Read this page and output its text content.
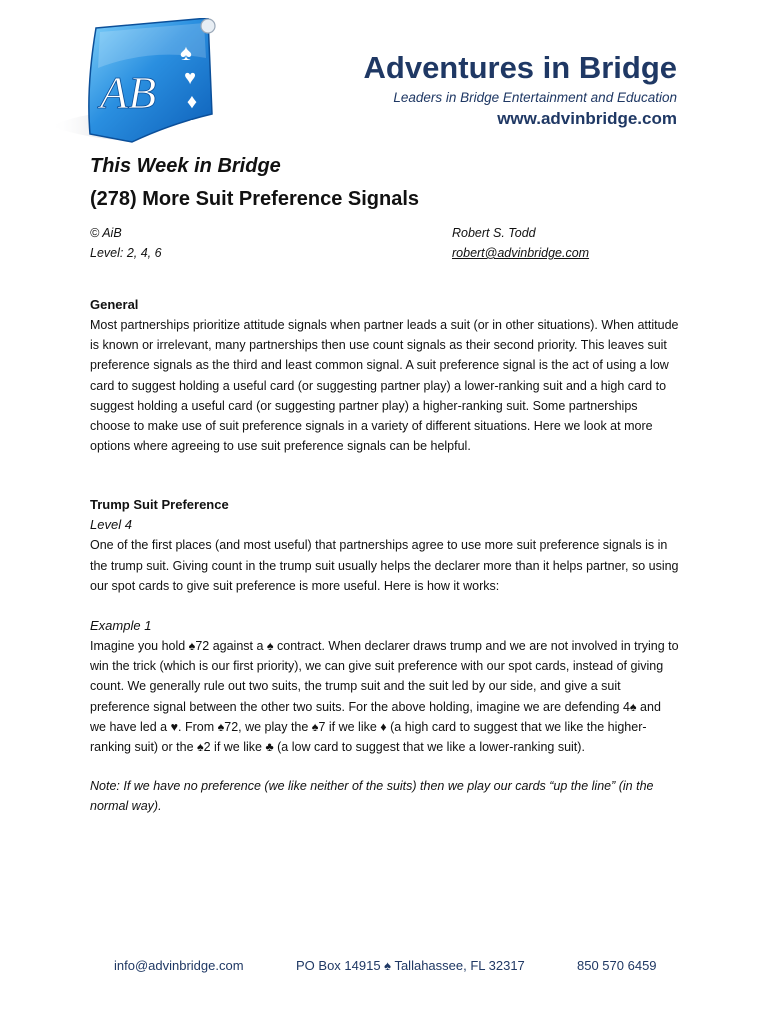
AB
♠
♥
♦
♣
Adventures in Bridge
Leaders in Bridge Entertainment and Education
www.advinbridge.com
This Week in Bridge
(278) More Suit Preference Signals
© AiB
Level: 2, 4, 6
Robert S. Todd
robert@advinbridge.com
General

Most partnerships prioritize attitude signals when partner leads a suit (or in other situations). When attitude is known or irrelevant, many partnerships then use count signals as their second priority. This leaves suit preference signals as the third and least common signal. A suit preference signal is the act of using a low card to suggest holding a useful card (or suggesting partner play) a lower-ranking suit and a high card to suggest holding a useful card (or suggesting partner play) a higher-ranking suit. Some partnerships choose to make use of suit preference signals in a variety of different situations. Here we look at more options where agreeing to use suit preference signals can be helpful.

Trump Suit Preference
Level 4

One of the first places (and most useful) that partnerships agree to use more suit preference signals is in the trump suit. Giving count in the trump suit usually helps the declarer more than it helps partner, so using our spot cards to give suit preference is more useful. Here is how it works:

Example 1

Imagine you hold ♠72 against a ♠ contract. When declarer draws trump and we are not involved in trying to win the trick (which is our first priority), we can give suit preference with our spot cards, instead of giving count. We generally rule out two suits, the trump suit and the suit led by our side, and give a suit preference signal between the other two suits. For the above holding, imagine we are defending 4♠ and we have led a ♥. From ♠72, we play the ♠7 if we like ♦ (a high card to suggest that we like the higher-ranking suit) or the ♠2 if we like ♣ (a low card to suggest that we like a lower-ranking suit).

Note: If we have no preference (we like neither of the suits) then we play our cards “up the line” (in the normal way).

info@advinbridge.com	PO Box 14915 ♠ Tallahassee, FL 32317	850 570 6459
